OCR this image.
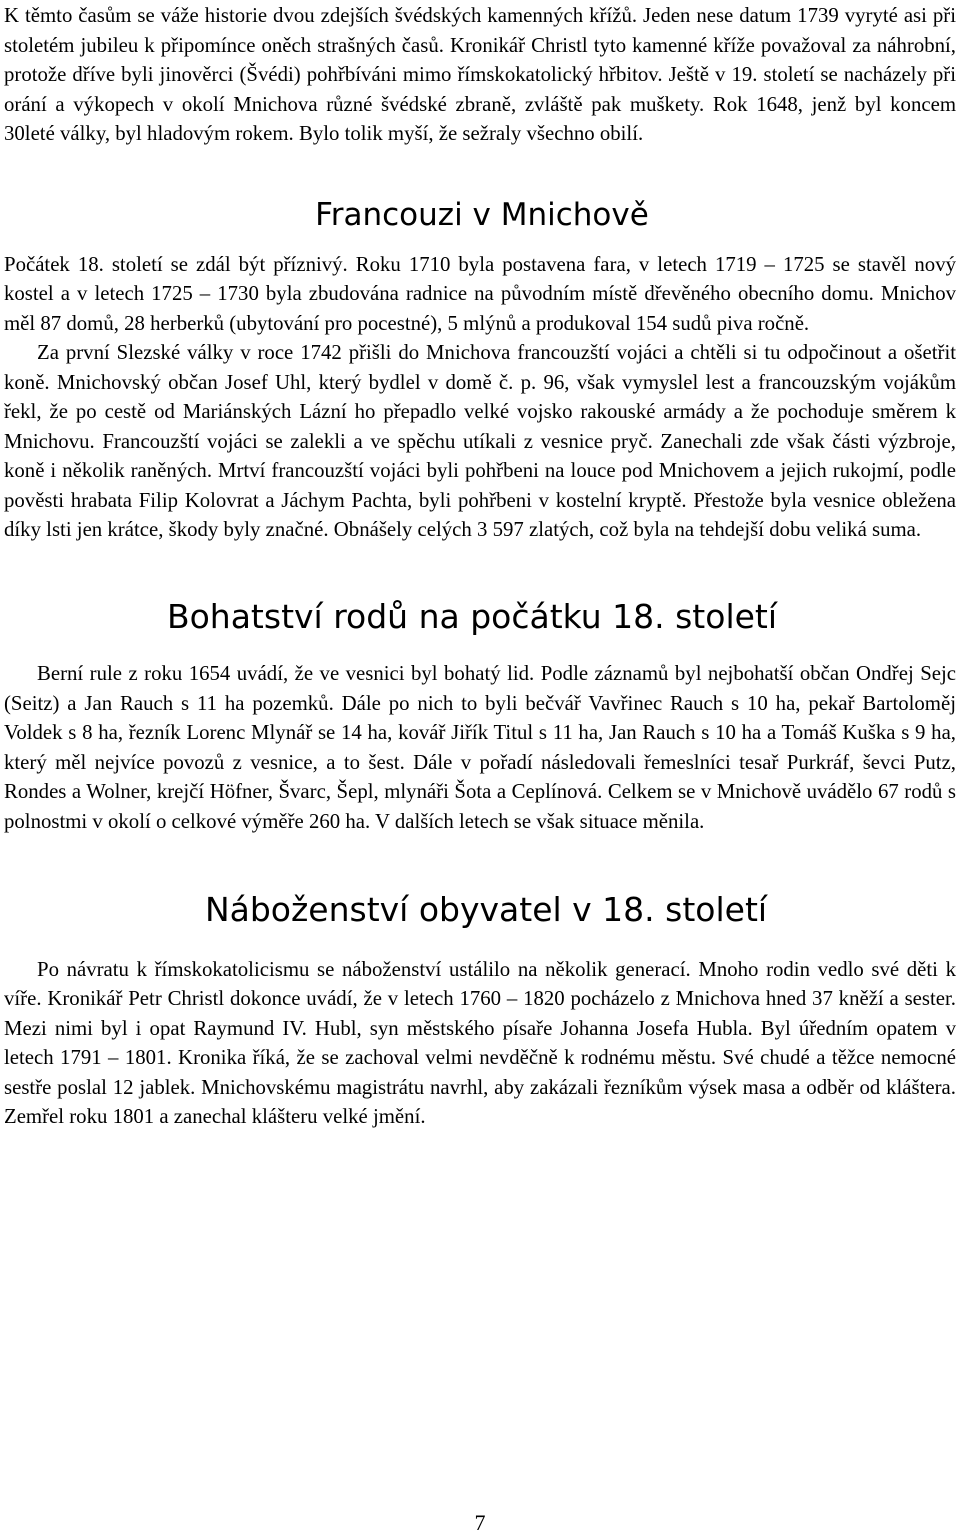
K těmto časům se váže historie dvou zdejších švédských kamenných křížů. Jeden nese datum 1739 vyryté asi při stoletém jubileu k připomínce oněch strašných časů. Kronikář Christl tyto kamenné kříže považoval za náhrobní, protože dříve byli jinověrci (Švédi) pohřbíváni mimo římskokatolický hřbitov. Ještě v 19. století se nacházely při orání a výkopech v okolí Mnichova různé švédské zbraně, zvláště pak muškety. Rok 1648, jenž byl koncem 30leté války, byl hladovým rokem. Bylo tolik myší, že sežraly všechno obilí.

Francouzi v Mnichově

Počátek 18. století se zdál být příznivý. Roku 1710 byla postavena fara, v letech 1719 – 1725 se stavěl nový kostel a v letech 1725 – 1730 byla zbudována radnice na původním místě dřevěného obecního domu. Mnichov měl 87 domů, 28 herberků (ubytování pro pocestné), 5 mlýnů a produkoval 154 sudů piva ročně.

Za první Slezské války v roce 1742 přišli do Mnichova francouzští vojáci a chtěli si tu odpočinout a ošetřit koně. Mnichovský občan Josef Uhl, který bydlel v domě č. p. 96, však vymyslel lest a francouzským vojákům řekl, že po cestě od Mariánských Lázní ho přepadlo velké vojsko rakouské armády a že pochoduje směrem k Mnichovu. Francouzští vojáci se zalekli a ve spěchu utíkali z vesnice pryč. Zanechali zde však části výzbroje, koně i několik raněných. Mrtví francouzští vojáci byli pohřbeni na louce pod Mnichovem a jejich rukojmí, podle pověsti hrabata Filip Kolovrat a Jáchym Pachta, byli pohřbeni v kostelní kryptě. Přestože byla vesnice obležena díky lsti jen krátce, škody byly značné. Obnášely celých 3 597 zlatých, což byla na tehdejší dobu veliká suma.

Bohatství rodů na počátku 18. století

Berní rule z roku 1654 uvádí, že ve vesnici byl bohatý lid. Podle záznamů byl nejbohatší občan Ondřej Sejc (Seitz) a Jan Rauch s 11 ha pozemků. Dále po nich to byli bečvář Vavřinec Rauch s 10 ha, pekař Bartoloměj Voldek s 8 ha, řezník Lorenc Mlynář se 14 ha, kovář Jiřík Titul s 11 ha, Jan Rauch s 10 ha a Tomáš Kuška s 9 ha, který měl nejvíce povozů z vesnice, a to šest. Dále v pořadí následovali řemeslníci tesař Purkráf, ševci Putz, Rondes a Wolner, krejčí Höfner, Švarc, Šepl, mlynáři Šota a Ceplínová. Celkem se v Mnichově uvádělo 67 rodů s polnostmi v okolí o celkové výměře 260 ha. V dalších letech se však situace měnila.

Náboženství obyvatel v 18. století

Po návratu k římskokatolicismu se náboženství ustálilo na několik generací. Mnoho rodin vedlo své děti k víře. Kronikář Petr Christl dokonce uvádí, že v letech 1760 – 1820 pocházelo z Mnichova hned 37 kněží a sester. Mezi nimi byl i opat Raymund IV. Hubl, syn městského písaře Johanna Josefa Hubla. Byl úředním opatem v letech 1791 – 1801. Kronika říká, že se zachoval velmi nevděčně k rodnému městu. Své chudé a těžce nemocné sestře poslal 12 jablek. Mnichovskému magistrátu navrhl, aby zakázali řezníkům výsek masa a odběr od kláštera. Zemřel roku 1801 a zanechal klášteru velké jmění.

7
